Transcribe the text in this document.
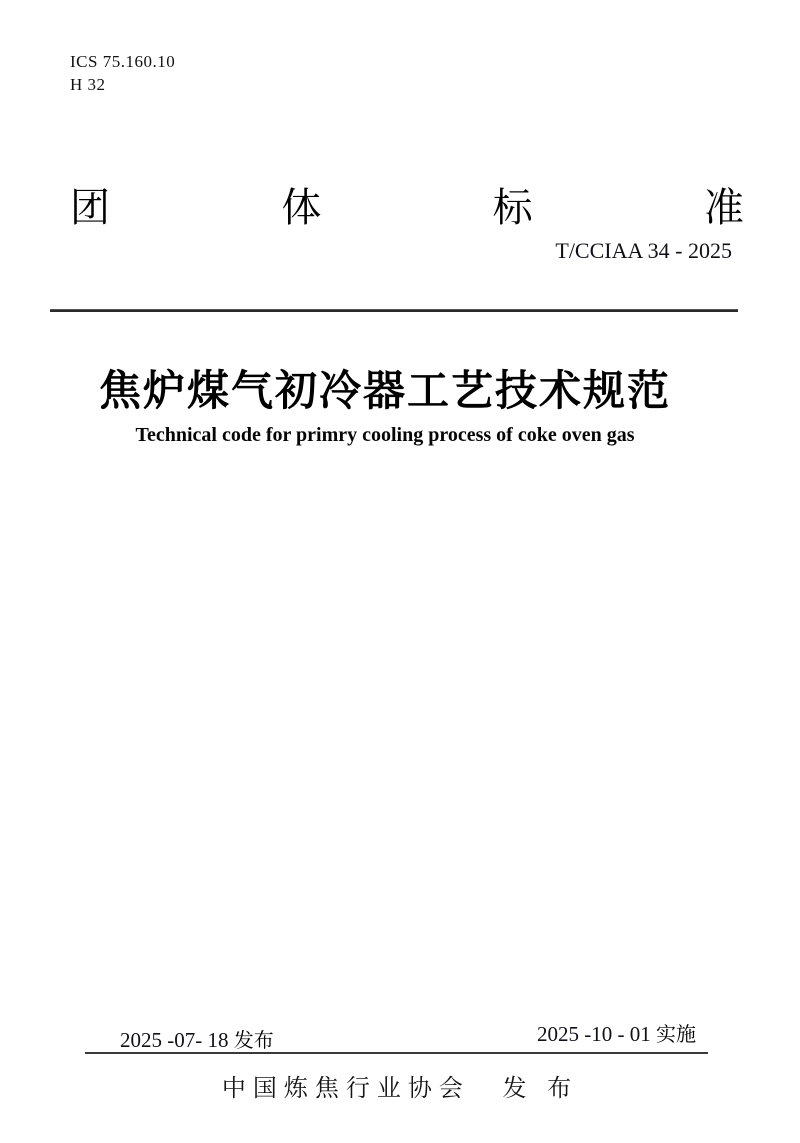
ICS 75.160.10
H 32
团	体	标	准
T/CCIAA 34 - 2025
焦炉煤气初冷器工艺技术规范
Technical code for primry cooling process of coke oven gas
2025 -07- 18 发布	2025 -10 - 01 实施
中国炼焦行业协会 发 布
